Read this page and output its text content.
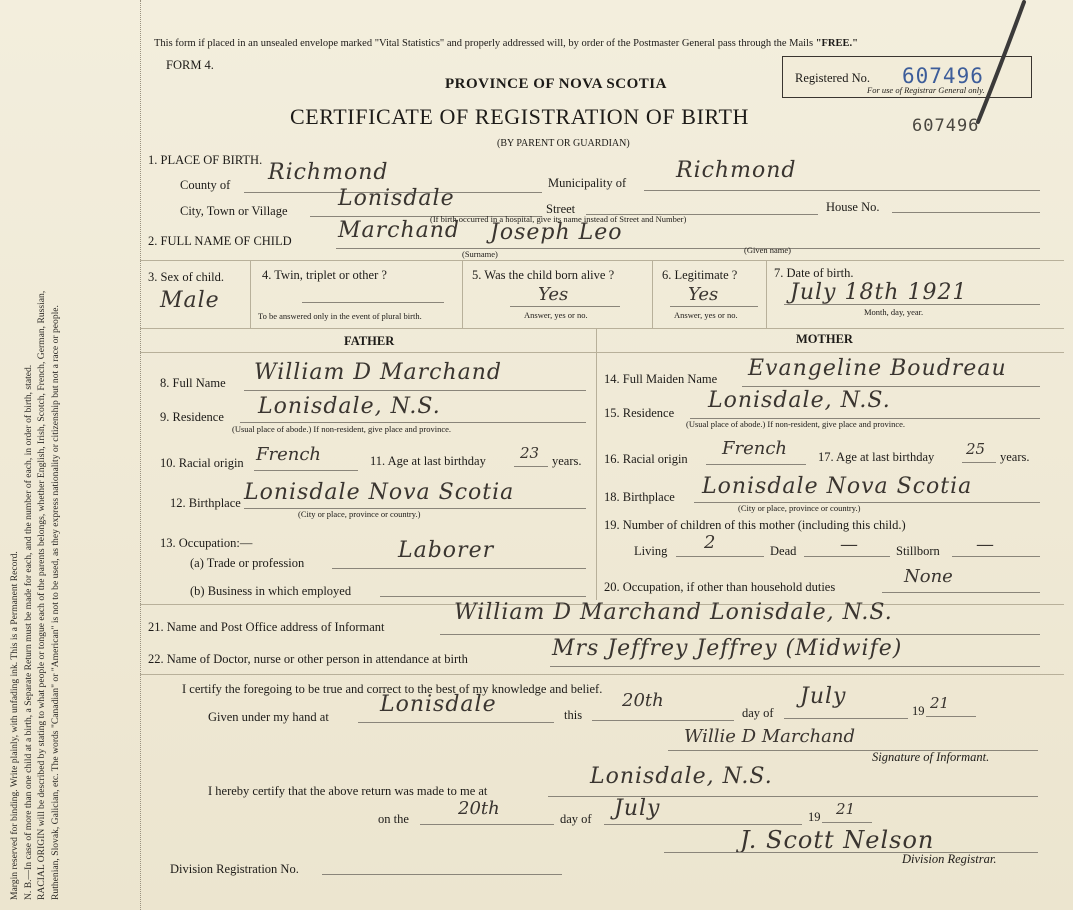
Margin reserved for binding. Write plainly, with unfading ink. This is a Permanent Record. N. B.—In case of more than one child at a birth, a Separate Return must be made for each, and the number of each, in order of birth, stated. RACIAL ORIGIN will be described by stating to what people or tongue each of the parents belongs, whether English, Irish, Scotch, French, German, Russian, Ruthenian, Slovak, Galician, etc. The words "Canadian" or "American" is not to be used, as they express nationality or citizenship but not a race or people.
This form if placed in an unsealed envelope marked "Vital Statistics" and properly addressed will, by order of the Postmaster General pass through the Mails "FREE."
FORM 4.
PROVINCE OF NOVA SCOTIA
CERTIFICATE OF REGISTRATION OF BIRTH
(BY PARENT OR GUARDIAN)
Registered No.
For use of Registrar General only.
607496
607496
1. PLACE OF BIRTH.
County of Richmond	Municipality of Richmond
City, Town or Village Lonisdale	Street
(If birth occurred in a hospital, give its name instead of Street and Number)
House No.
2. FULL NAME OF CHILD Marchand Joseph Leo
(Surname)	(Given name)
3. Sex of child.
Male
4. Twin, triplet or other ?
To be answered only in the event of plural birth.
5. Was the child born alive ?
Yes
Answer, yes or no.
6. Legitimate ?
Yes
Answer, yes or no.
7. Date of birth.
July 18th 1921
Month, day, year.
FATHER	MOTHER
8. Full Name William D Marchand
9. Residence Lonisdale, N.S.
(Usual place of abode.) If non-resident, give place and province.
10. Racial origin French	11. Age at last birthday 23 years.
12. Birthplace Lonisdale Nova Scotia
(City or place, province or country.)
13. Occupation:—
(a) Trade or profession	Laborer
(b) Business in which employed
14. Full Maiden Name Evangeline Boudreau
15. Residence Lonisdale, N.S.
(Usual place of abode.) If non-resident, give place and province.
16. Racial origin French 17. Age at last birthday 25 years.
18. Birthplace Lonisdale Nova Scotia
(City or place, province or country.)
19. Number of children of this mother (including this child.)
Living 2	Dead —	Stillborn —
20. Occupation, if other than household duties	None
21. Name and Post Office address of Informant
William D Marchand Lonisdale, N.S.
22. Name of Doctor, nurse or other person in attendance at birth	Mrs Jeffrey Jeffrey (Midwife)
I certify the foregoing to be true and correct to the best of my knowledge and belief.
Given under my hand at Lonisdale	this
20th
day of
July
19 21
Willie D Marchand
Signature of Informant.
I hereby certify that the above return was made to me at
Lonisdale, N.S.
on the	20th	day of July	19 21
J. Scott Nelson
Division Registrar.
Division Registration No.
